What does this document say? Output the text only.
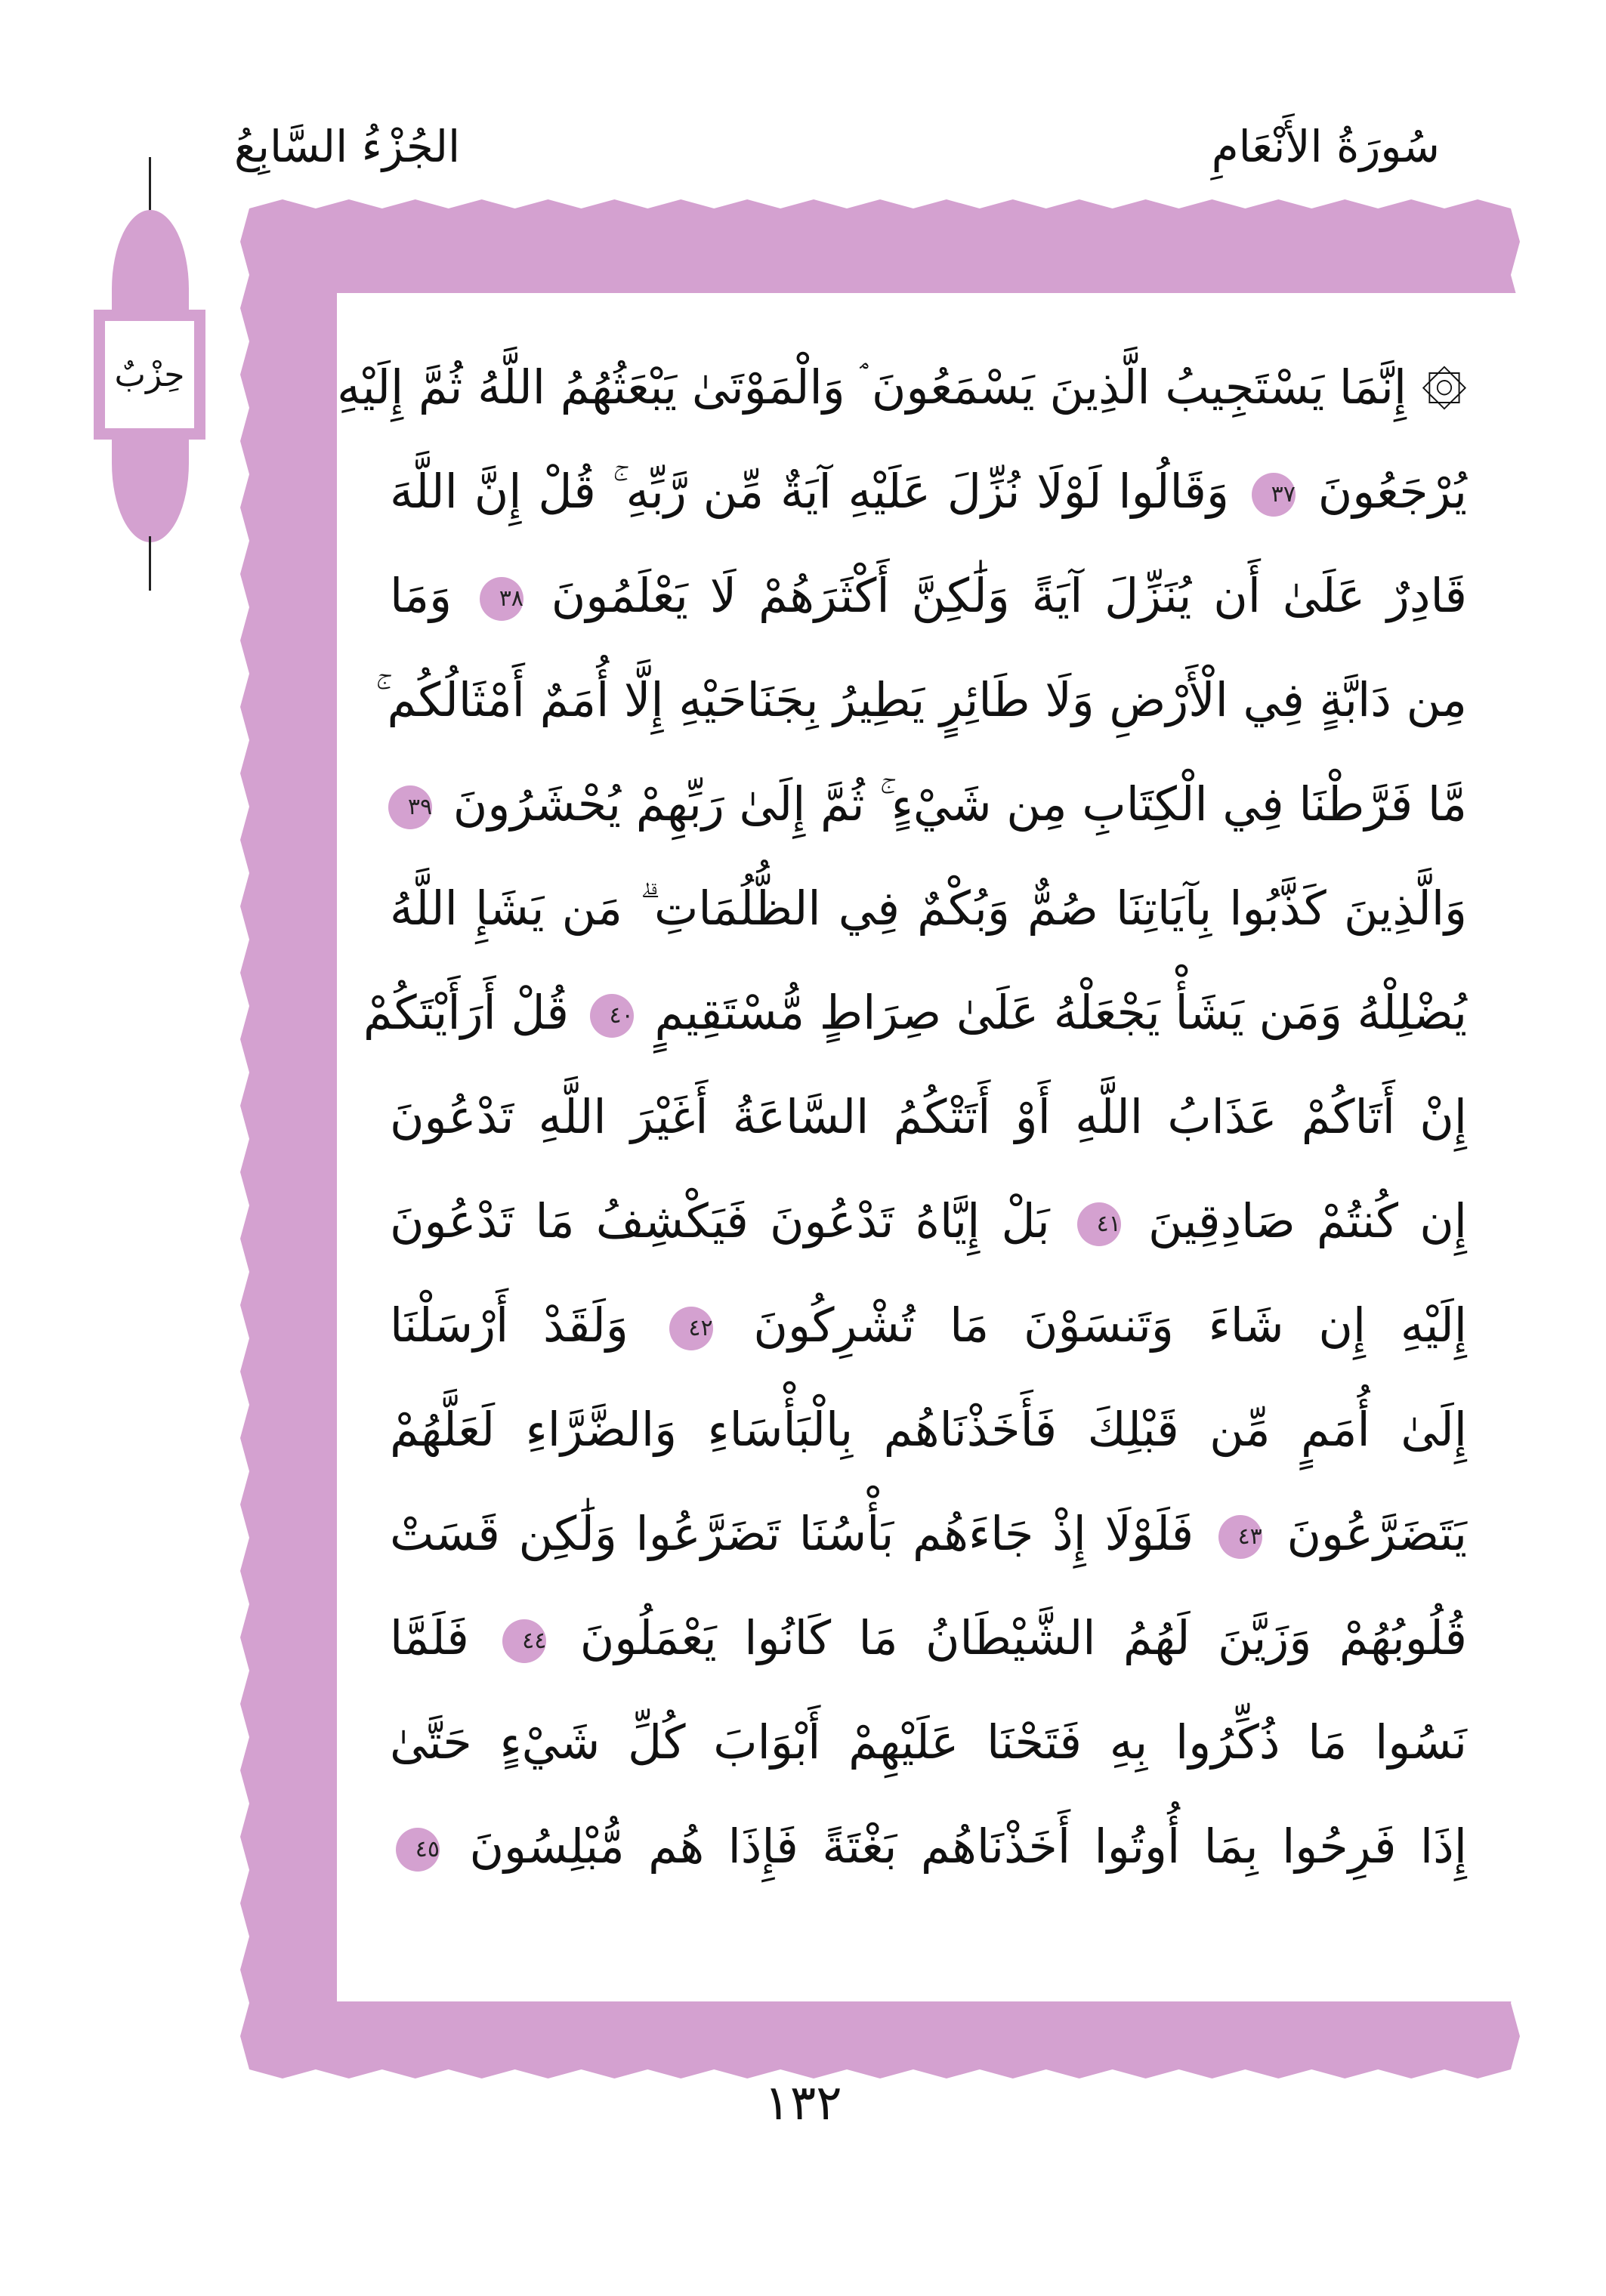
سُورَةُ الأَنْعَامِ
الجُزْءُ السَّابِعُ
حِزْبٌ	۞ إِنَّمَا يَسْتَجِيبُ الَّذِينَ يَسْمَعُونَ ۘ وَالْمَوْتَىٰ يَبْعَثُهُمُ اللَّهُ ثُمَّ إِلَيْهِ
يُرْجَعُونَ ٣٧ وَقَالُوا لَوْلَا نُزِّلَ عَلَيْهِ آيَةٌ مِّن رَّبِّهِ ۚ قُلْ إِنَّ اللَّهَ
قَادِرٌ عَلَىٰ أَن يُنَزِّلَ آيَةً وَلَٰكِنَّ أَكْثَرَهُمْ لَا يَعْلَمُونَ ٣٨ وَمَا
مِن دَابَّةٍ فِي الْأَرْضِ وَلَا طَائِرٍ يَطِيرُ بِجَنَاحَيْهِ إِلَّا أُمَمٌ أَمْثَالُكُم ۚ
مَّا فَرَّطْنَا فِي الْكِتَابِ مِن شَيْءٍ ۚ ثُمَّ إِلَىٰ رَبِّهِمْ يُحْشَرُونَ ٣٩
وَالَّذِينَ كَذَّبُوا بِآيَاتِنَا صُمٌّ وَبُكْمٌ فِي الظُّلُمَاتِ ۗ مَن يَشَإِ اللَّهُ
يُضْلِلْهُ وَمَن يَشَأْ يَجْعَلْهُ عَلَىٰ صِرَاطٍ مُّسْتَقِيمٍ ٤٠ قُلْ أَرَأَيْتَكُمْ
إِنْ أَتَاكُمْ عَذَابُ اللَّهِ أَوْ أَتَتْكُمُ السَّاعَةُ أَغَيْرَ اللَّهِ تَدْعُونَ
إِن كُنتُمْ صَادِقِينَ ٤١ بَلْ إِيَّاهُ تَدْعُونَ فَيَكْشِفُ مَا تَدْعُونَ
إِلَيْهِ إِن شَاءَ وَتَنسَوْنَ مَا تُشْرِكُونَ ٤٢ وَلَقَدْ أَرْسَلْنَا
إِلَىٰ أُمَمٍ مِّن قَبْلِكَ فَأَخَذْنَاهُم بِالْبَأْسَاءِ وَالضَّرَّاءِ لَعَلَّهُمْ
يَتَضَرَّعُونَ ٤٣ فَلَوْلَا إِذْ جَاءَهُم بَأْسُنَا تَضَرَّعُوا وَلَٰكِن قَسَتْ
قُلُوبُهُمْ وَزَيَّنَ لَهُمُ الشَّيْطَانُ مَا كَانُوا يَعْمَلُونَ ٤٤ فَلَمَّا
نَسُوا مَا ذُكِّرُوا بِهِ فَتَحْنَا عَلَيْهِمْ أَبْوَابَ كُلِّ شَيْءٍ حَتَّىٰ
إِذَا فَرِحُوا بِمَا أُوتُوا أَخَذْنَاهُم بَغْتَةً فَإِذَا هُم مُّبْلِسُونَ ٤٥
١٣٢
